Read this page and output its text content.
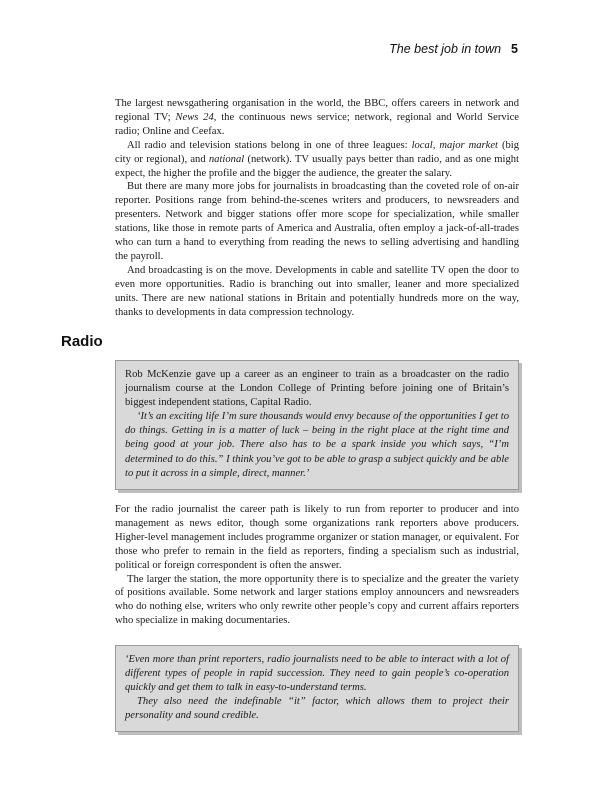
The best job in town 5

The largest newsgathering organisation in the world, the BBC, offers careers in network and regional TV; News 24, the continuous news service; network, regional and World Service radio; Online and Ceefax.

All radio and television stations belong in one of three leagues: local, major market (big city or regional), and national (network). TV usually pays better than radio, and as one might expect, the higher the profile and the bigger the audience, the greater the salary.

But there are many more jobs for journalists in broadcasting than the coveted role of on-air reporter. Positions range from behind-the-scenes writers and producers, to newsreaders and presenters. Network and bigger stations offer more scope for specialization, while smaller stations, like those in remote parts of America and Australia, often employ a jack-of-all-trades who can turn a hand to everything from reading the news to selling advertising and handling the payroll.

And broadcasting is on the move. Developments in cable and satellite TV open the door to even more opportunities. Radio is branching out into smaller, leaner and more specialized units. There are new national stations in Britain and potentially hundreds more on the way, thanks to developments in data compression technology.

Radio

Rob McKenzie gave up a career as an engineer to train as a broadcaster on the radio journalism course at the London College of Printing before joining one of Britain’s biggest independent stations, Capital Radio.

‘It’s an exciting life I’m sure thousands would envy because of the opportunities I get to do things. Getting in is a matter of luck – being in the right place at the right time and being good at your job. There also has to be a spark inside you which says, “I’m determined to do this.” I think you’ve got to be able to grasp a subject quickly and be able to put it across in a simple, direct, manner.’

For the radio journalist the career path is likely to run from reporter to producer and into management as news editor, though some organizations rank reporters above producers. Higher-level management includes programme organizer or station manager, or equivalent. For those who prefer to remain in the field as reporters, finding a specialism such as industrial, political or foreign correspondent is often the answer.

The larger the station, the more opportunity there is to specialize and the greater the variety of positions available. Some network and larger stations employ announcers and newsreaders who do nothing else, writers who only rewrite other people’s copy and current affairs reporters who specialize in making documentaries.

‘Even more than print reporters, radio journalists need to be able to interact with a lot of different types of people in rapid succession. They need to gain people’s co-operation quickly and get them to talk in easy-to-understand terms.

They also need the indefinable “it” factor, which allows them to project their personality and sound credible.
